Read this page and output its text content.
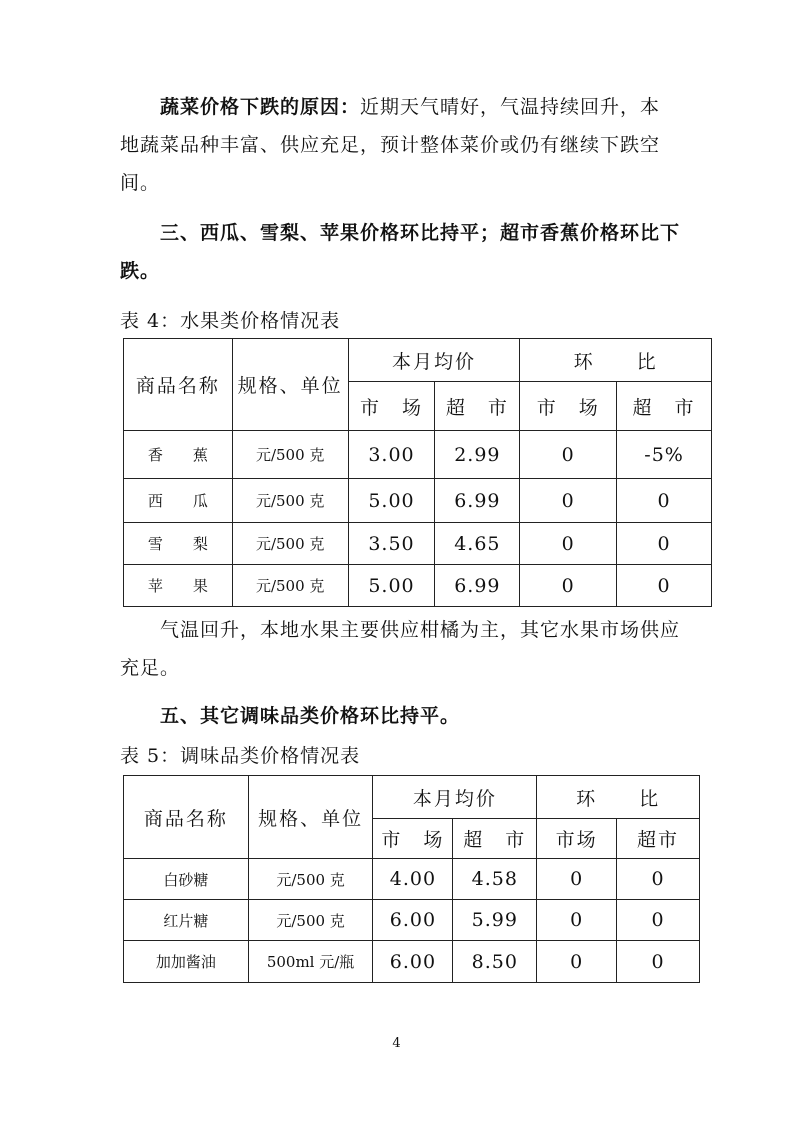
蔬菜价格下跌的原因：近期天气晴好，气温持续回升，本地蔬菜品种丰富、供应充足，预计整体菜价或仍有继续下跌空间。
三、西瓜、雪梨、苹果价格环比持平；超市香蕉价格环比下跌。
表 4：水果类价格情况表
商品名称	规格、单位	本月均价		环　　比	
		市　场	超　市	市　场	超　市
香　　蕉	元/500 克	3.00	2.99	0	-5%
西　　瓜	元/500 克	5.00	6.99	0	0
雪　　梨	元/500 克	3.50	4.65	0	0
苹　　果	元/500 克	5.00	6.99	0	0
气温回升，本地水果主要供应柑橘为主，其它水果市场供应充足。
五、其它调味品类价格环比持平。
表 5：调味品类价格情况表
商品名称	规格、单位	本月均价		环　　比	
		市　场	超　市	市场	超市
白砂糖	元/500 克	4.00	4.58	0	0
红片糖	元/500 克	6.00	5.99	0	0
加加酱油	500ml 元/瓶	6.00	8.50	0	0
4
